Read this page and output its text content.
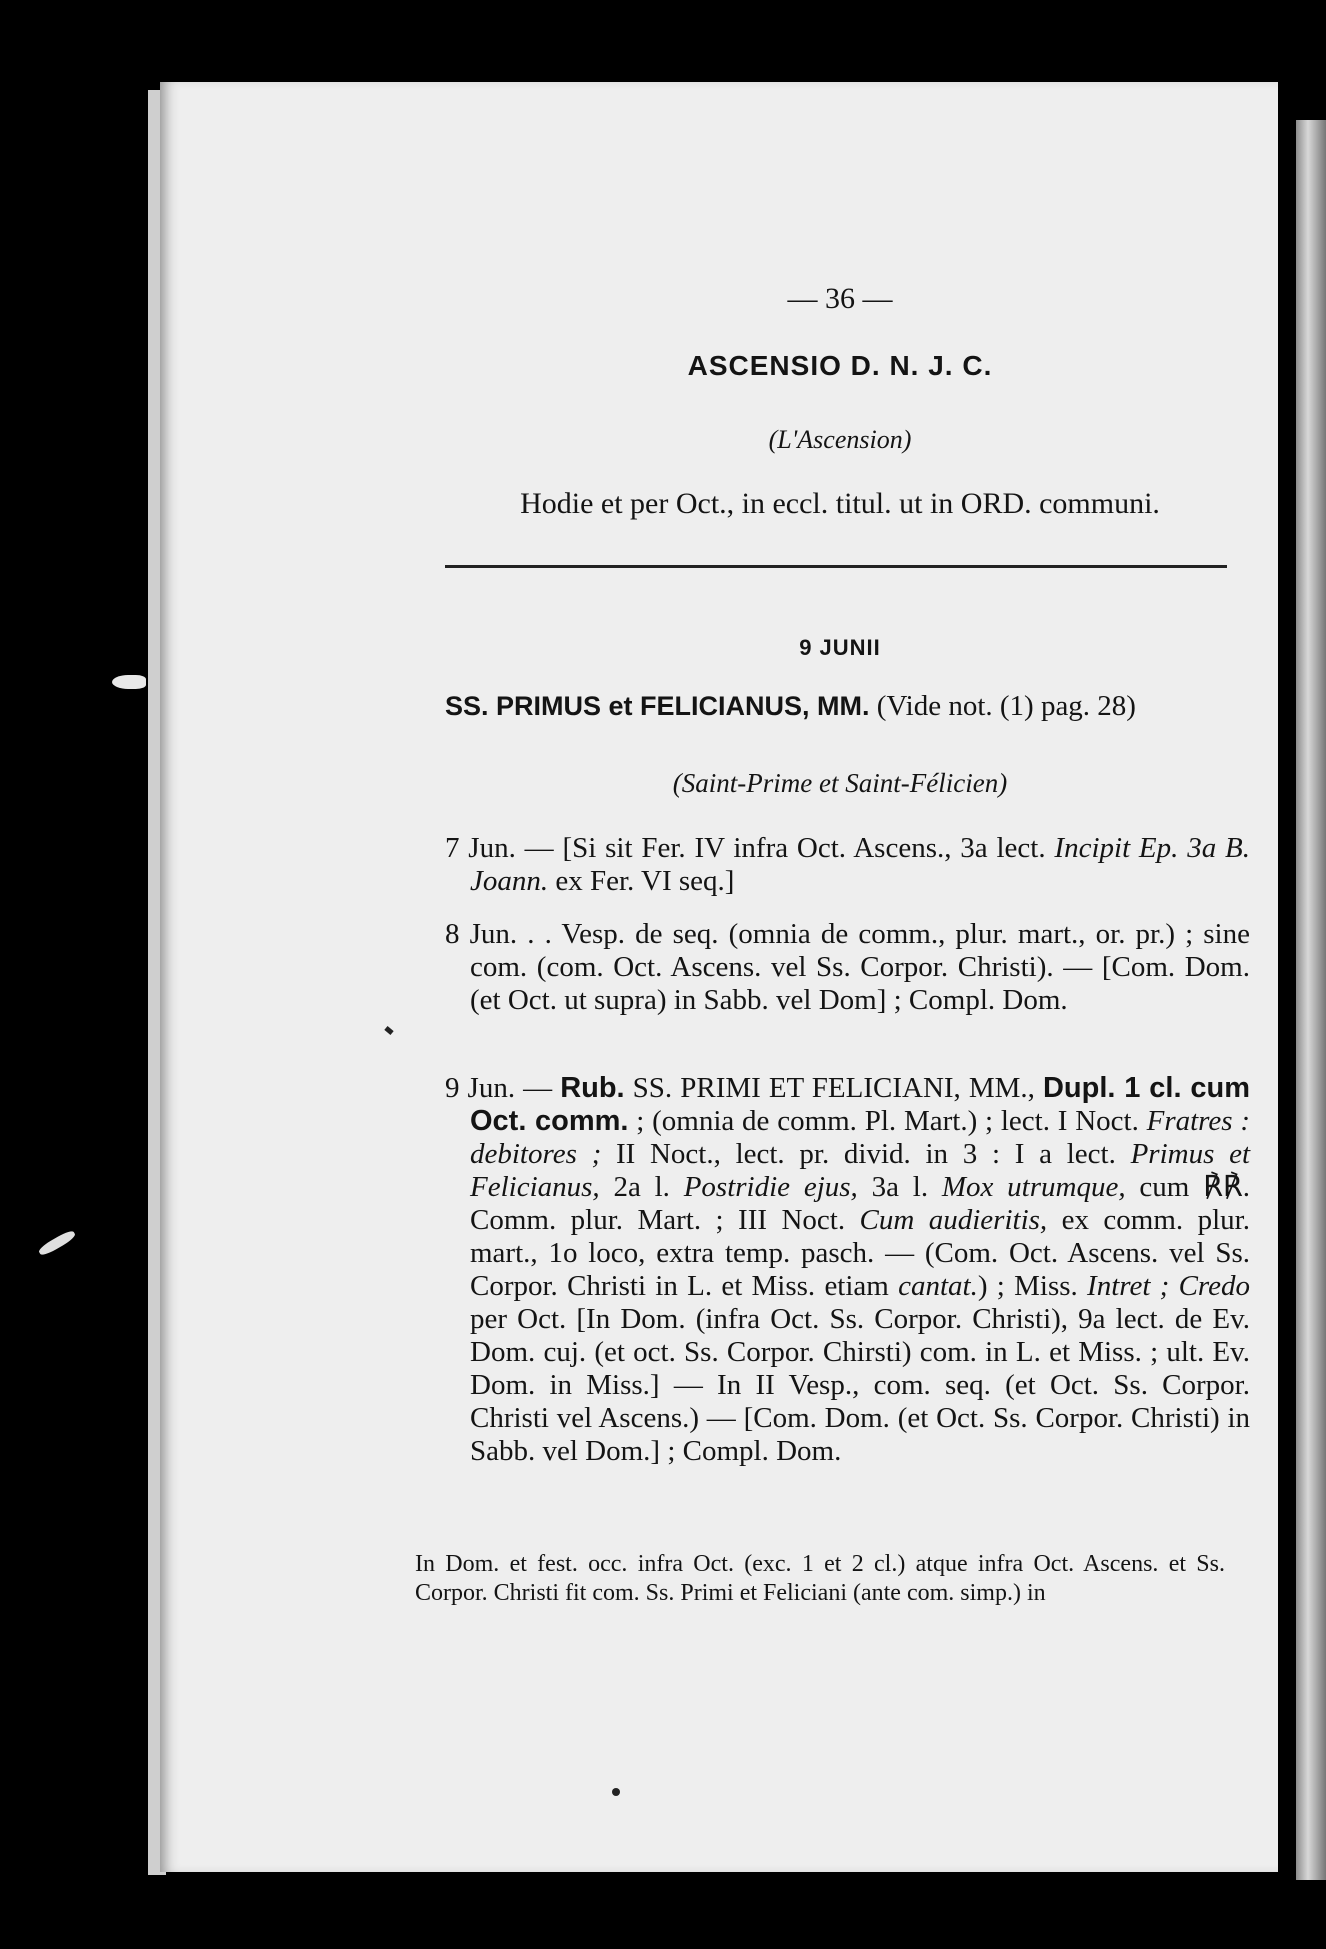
— 36 —
ASCENSIO D. N. J. C.
(L'Ascension)
Hodie et per Oct., in eccl. titul. ut in ORD. communi.
9 JUNII
SS. PRIMUS et FELICIANUS, MM. (Vide not. (1) pag. 28)
(Saint-Prime et Saint-Félicien)
7 Jun. — [Si sit Fer. IV infra Oct. Ascens., 3a lect. Incipit Ep. 3a B. Joann. ex Fer. VI seq.]
8 Jun. . . Vesp. de seq. (omnia de comm., plur. mart., or. pr.) ; sine com. (com. Oct. Ascens. vel Ss. Corpor. Christi). — [Com. Dom. (et Oct. ut supra) in Sabb. vel Dom] ; Compl. Dom.
9 Jun. — Rub. SS. PRIMI ET FELICIANI, MM., Dupl. 1 cl. cum Oct. comm. ; (omnia de comm. Pl. Mart.) ; lect. I Noct. Fratres : debitores ; II Noct., lect. pr. divid. in 3 : I a lect. Primus et Felicianus, 2a l. Postridie ejus, 3a l. Mox utrumque, cum ℟℟. Comm. plur. Mart. ; III Noct. Cum audieritis, ex comm. plur. mart., 1o loco, extra temp. pasch. — (Com. Oct. Ascens. vel Ss. Corpor. Christi in L. et Miss. etiam cantat.) ; Miss. Intret ; Credo per Oct. [In Dom. (infra Oct. Ss. Corpor. Christi), 9a lect. de Ev. Dom. cuj. (et oct. Ss. Corpor. Chirsti) com. in L. et Miss. ; ult. Ev. Dom. in Miss.] — In II Vesp., com. seq. (et Oct. Ss. Corpor. Christi vel Ascens.) — [Com. Dom. (et Oct. Ss. Corpor. Christi) in Sabb. vel Dom.] ; Compl. Dom.
In Dom. et fest. occ. infra Oct. (exc. 1 et 2 cl.) atque infra Oct. Ascens. et Ss. Corpor. Christi fit com. Ss. Primi et Feliciani (ante com. simp.) in
